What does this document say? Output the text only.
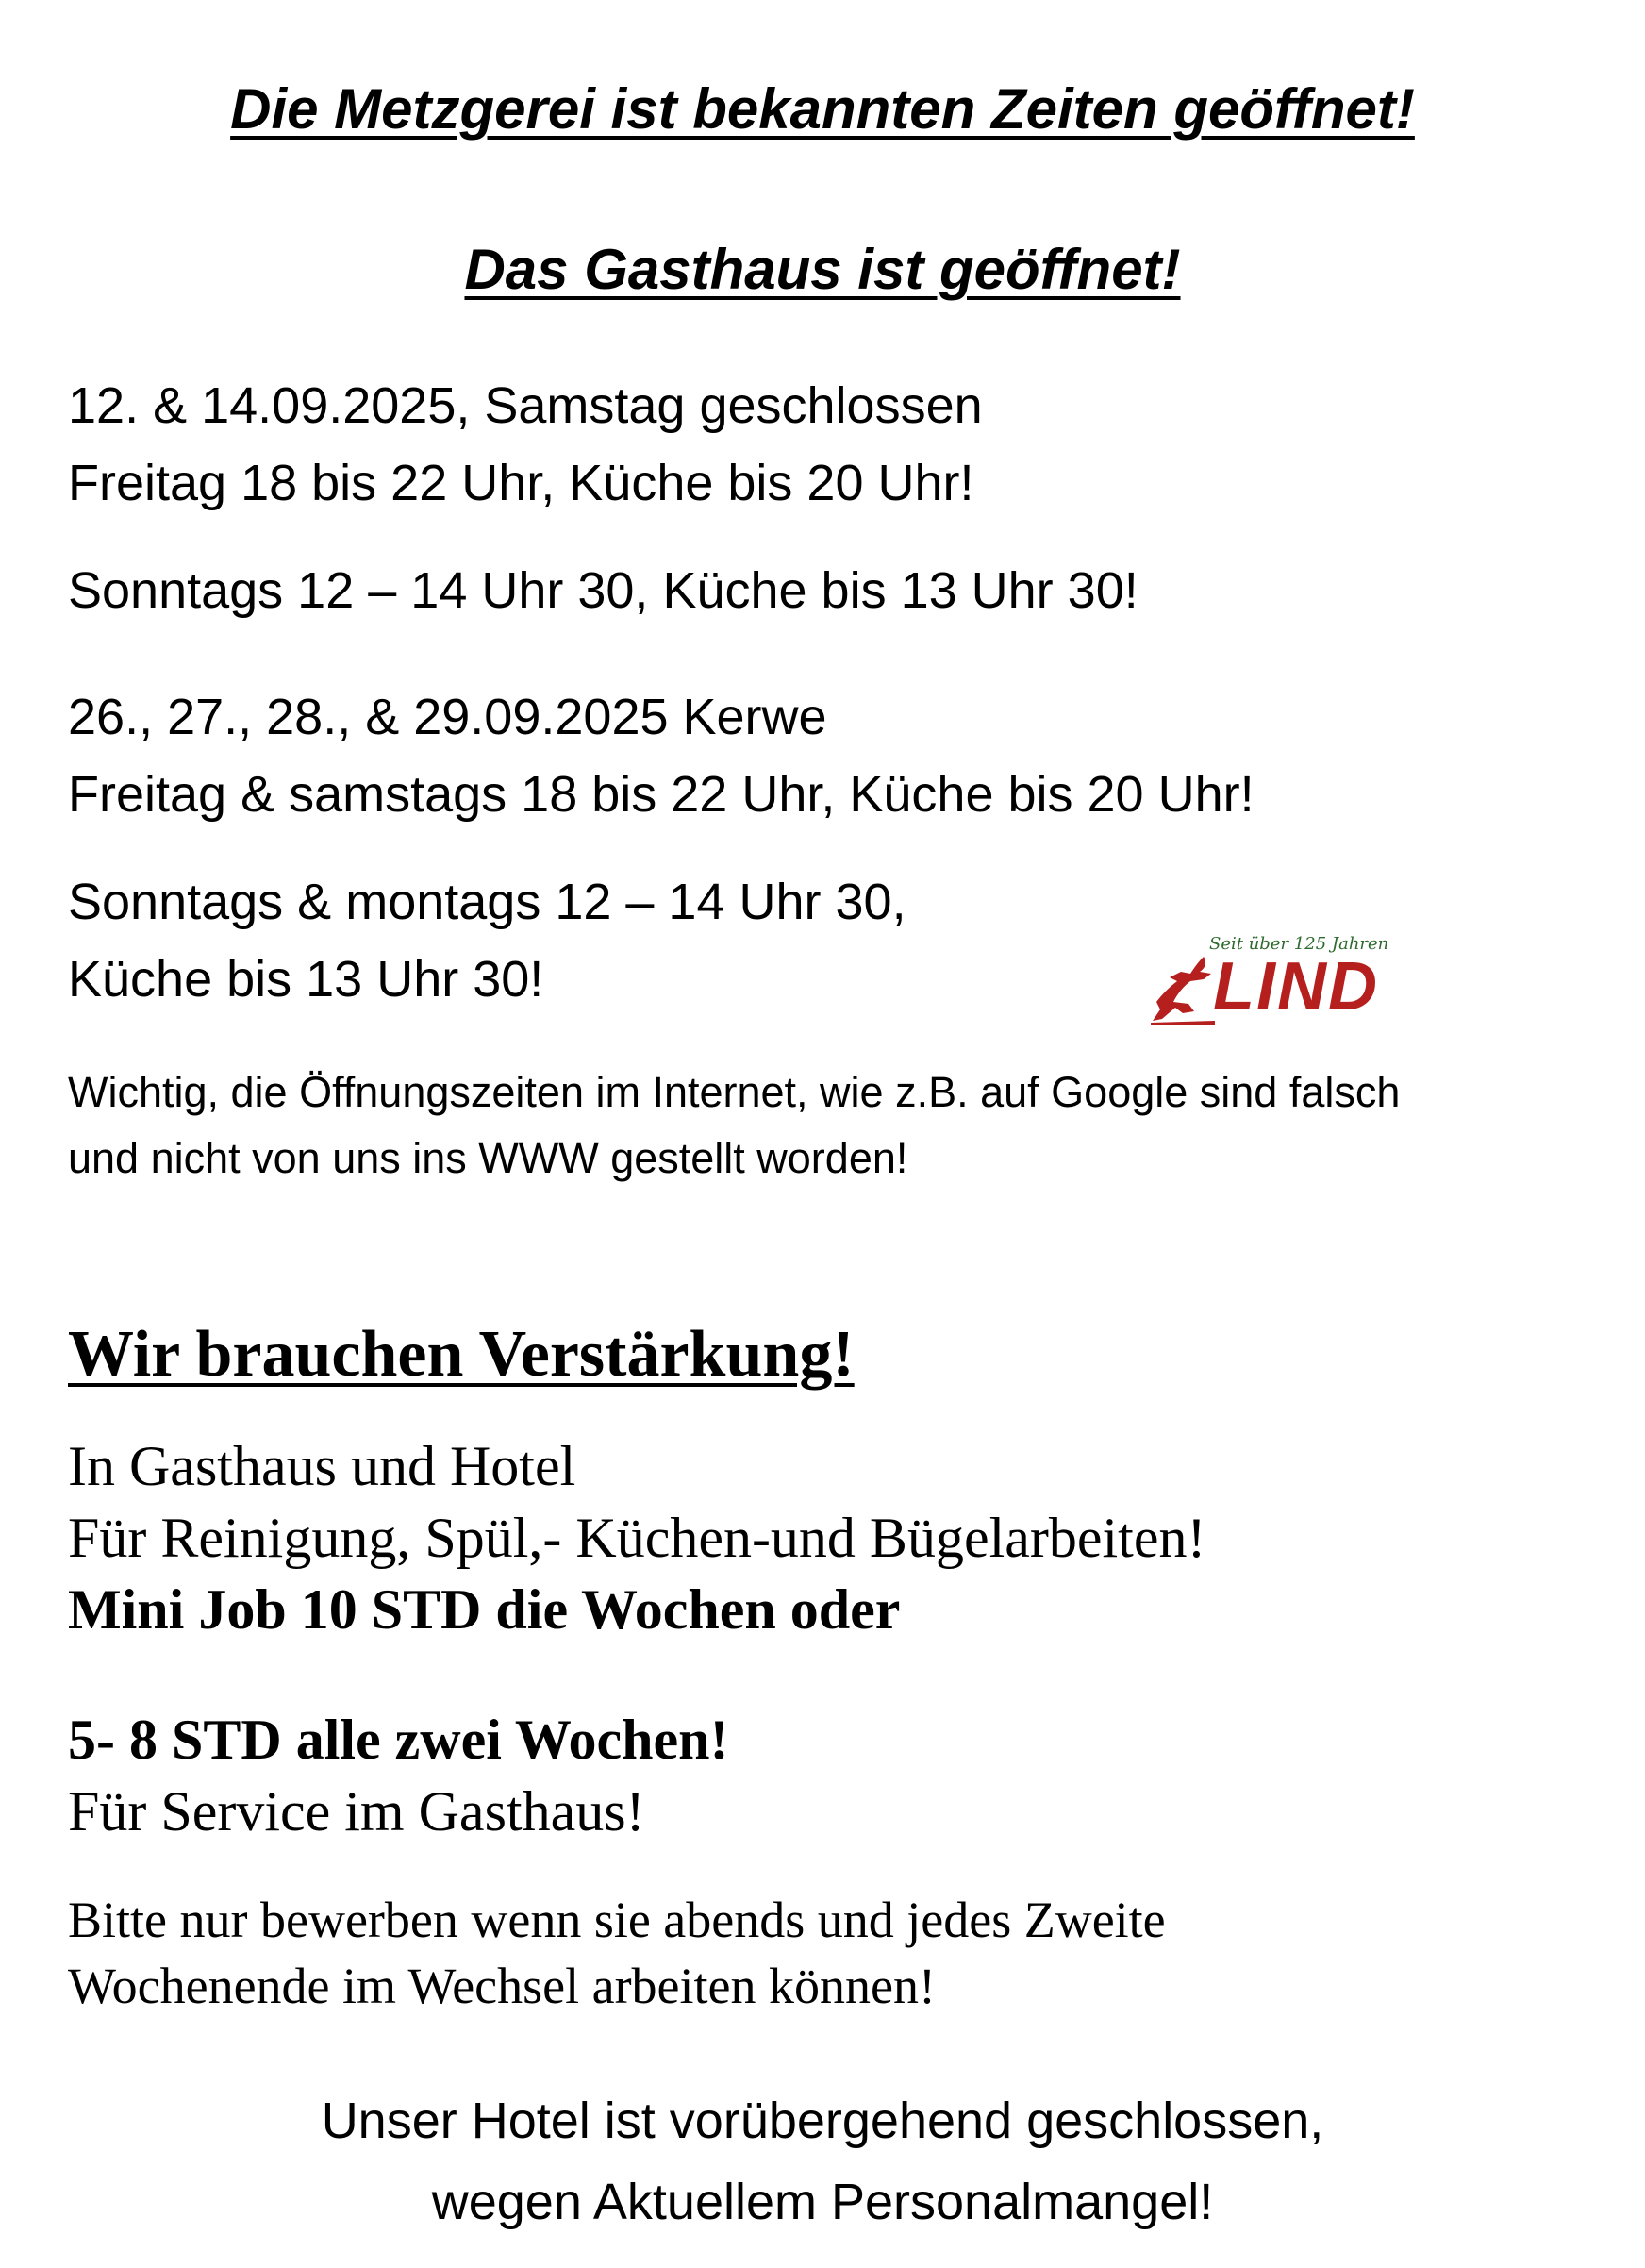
Die Metzgerei ist bekannten Zeiten geöffnet!
Das Gasthaus ist geöffnet!
12. & 14.09.2025, Samstag geschlossen
Freitag 18 bis 22 Uhr, Küche bis 20 Uhr!
Sonntags 12 – 14 Uhr 30, Küche bis 13 Uhr 30!
26., 27., 28., & 29.09.2025 Kerwe
Freitag & samstags 18 bis 22 Uhr, Küche bis 20 Uhr!
Sonntags & montags 12 – 14 Uhr 30,
Küche bis 13 Uhr 30!
Seit über 125 Jahren
LIND
Wichtig, die Öffnungszeiten im Internet, wie z.B. auf Google sind falsch
und nicht von uns ins WWW gestellt worden!
Wir brauchen Verstärkung!
In Gasthaus und Hotel
Für Reinigung, Spül,- Küchen-und Bügelarbeiten!
Mini Job 10 STD die Wochen oder
5- 8 STD alle zwei Wochen!
Für Service im Gasthaus!
Bitte nur bewerben wenn sie abends und jedes Zweite
Wochenende im Wechsel arbeiten können!
Unser Hotel ist vorübergehend geschlossen,
wegen Aktuellem Personalmangel!
